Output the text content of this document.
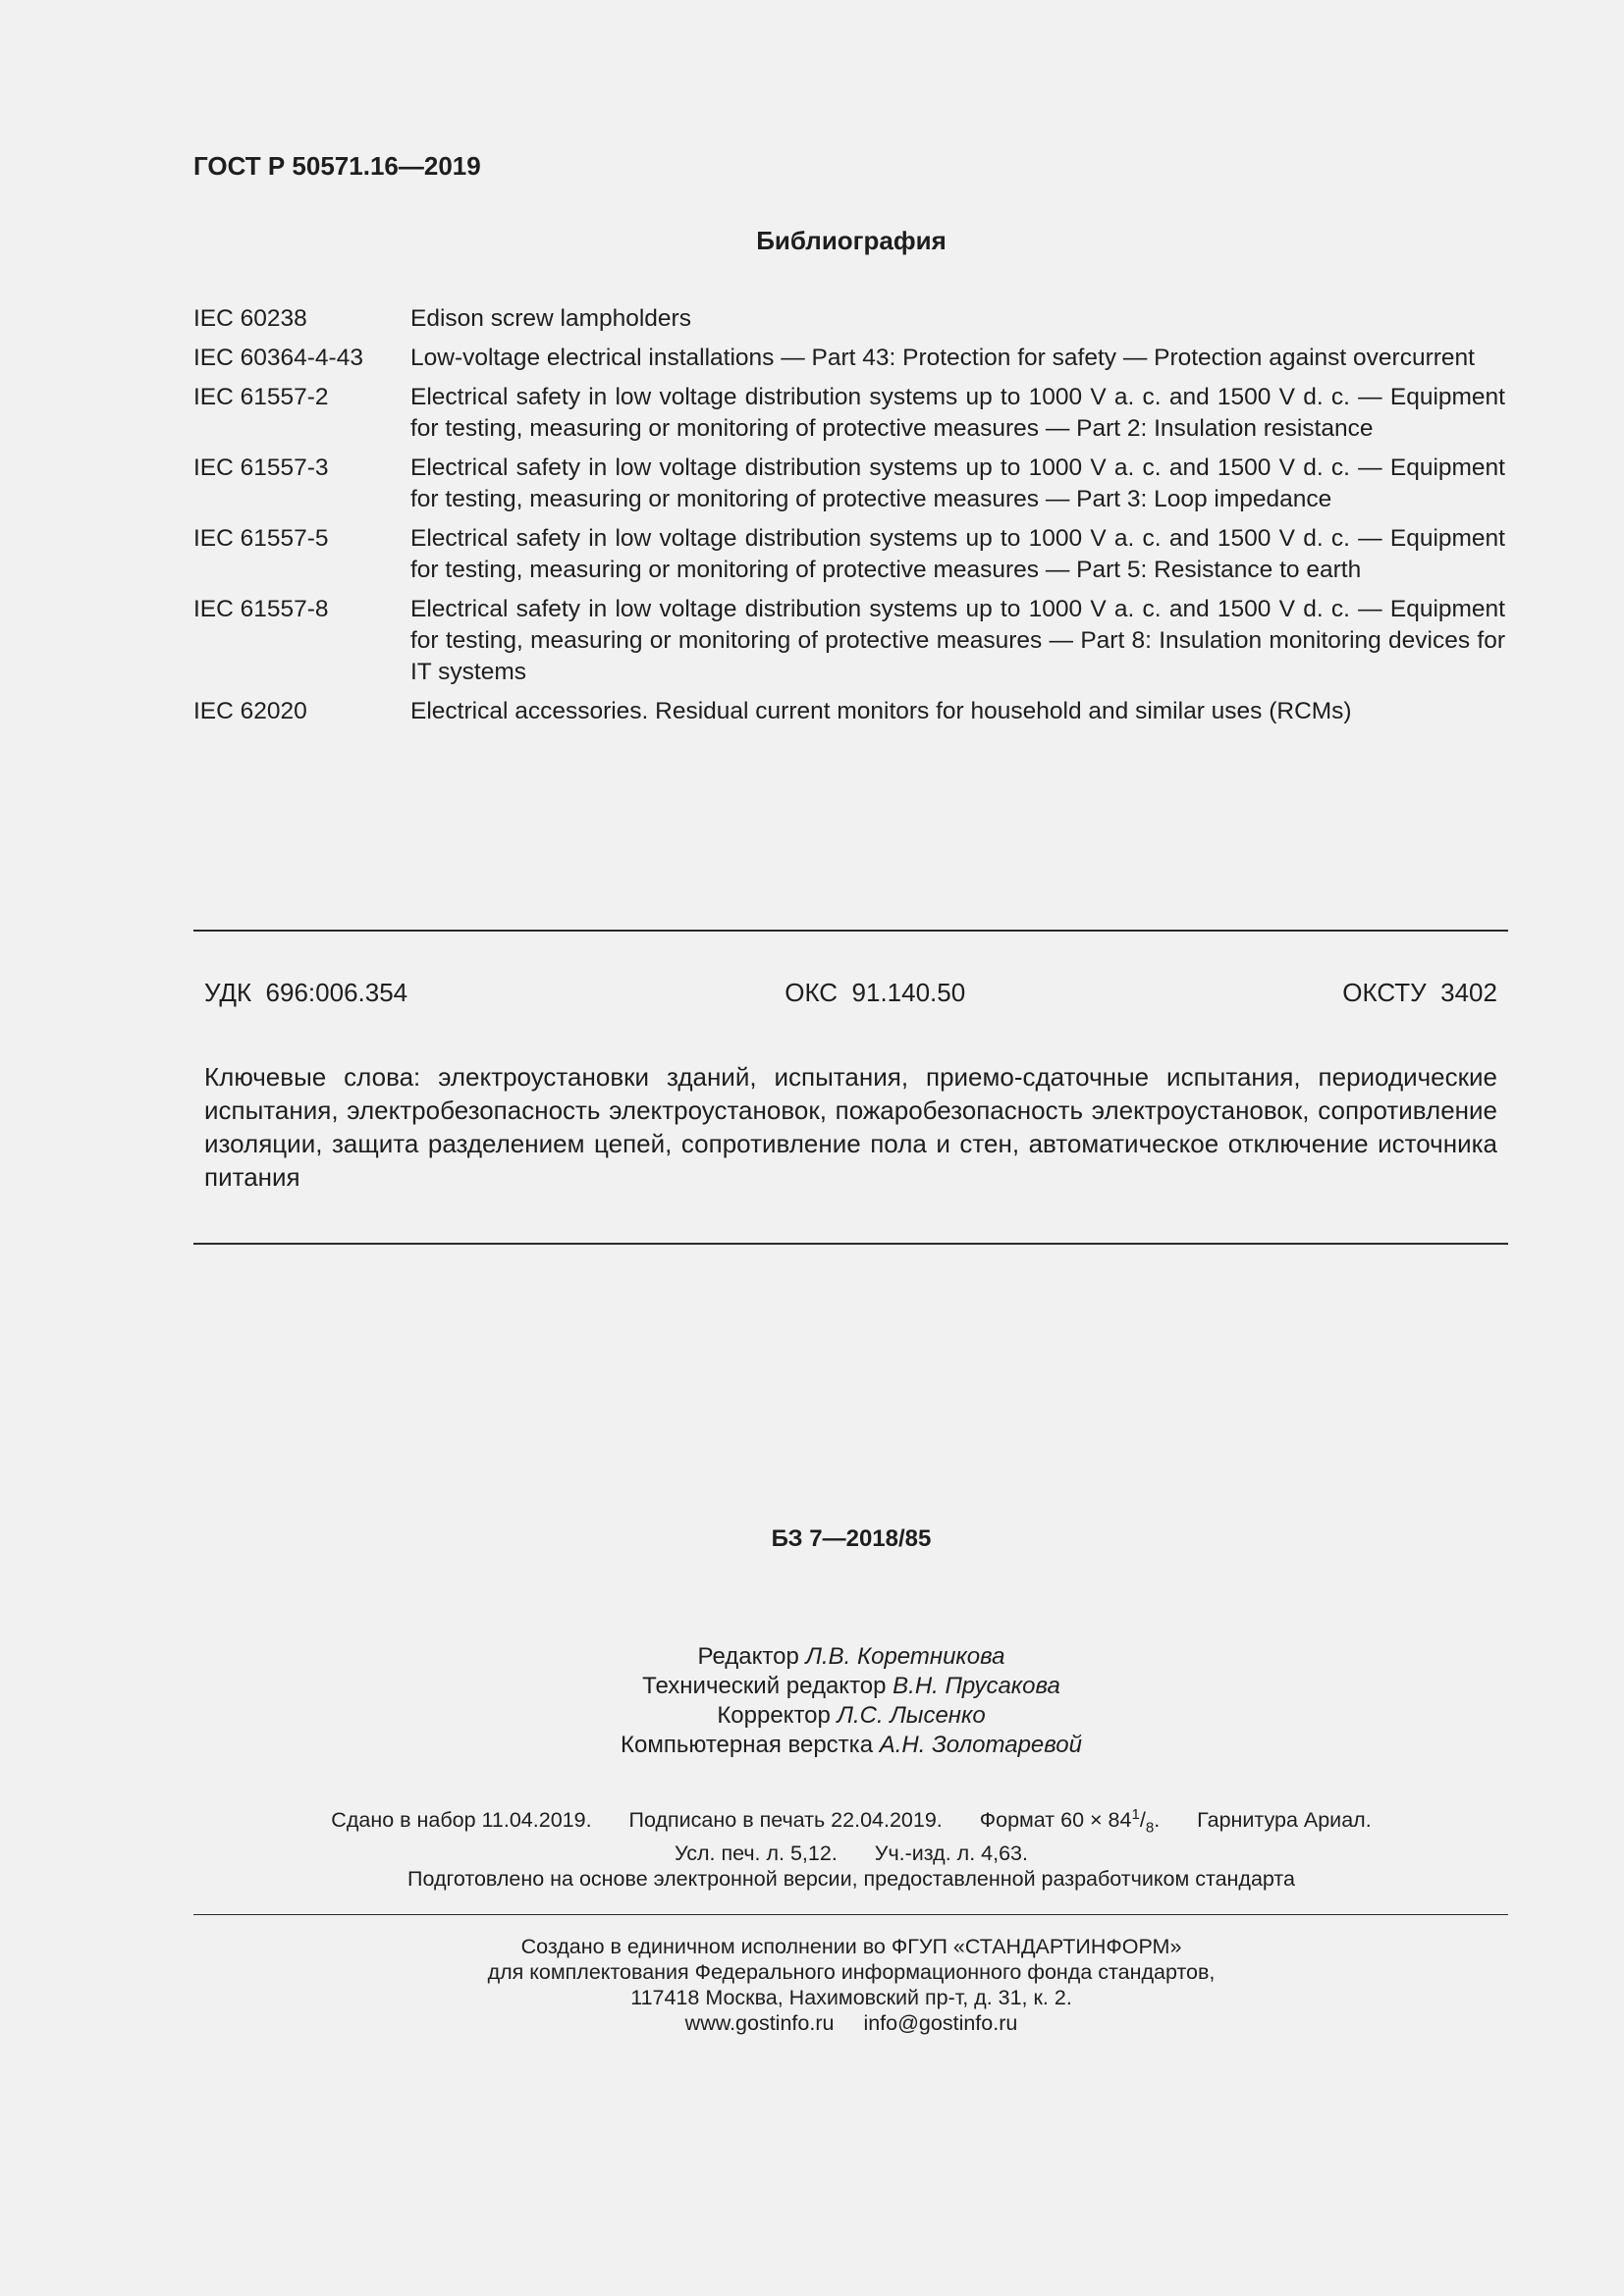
ГОСТ Р 50571.16—2019
Библиография
IEC 60238	Edison screw lampholders
IEC 60364-4-43	Low-voltage electrical installations — Part 43: Protection for safety — Protection against overcurrent
IEC 61557-2	Electrical safety in low voltage distribution systems up to 1000 V a. c. and 1500 V d. c. — Equipment for testing, measuring or monitoring of protective measures — Part 2: Insulation resistance
IEC 61557-3	Electrical safety in low voltage distribution systems up to 1000 V a. c. and 1500 V d. c. — Equipment for testing, measuring or monitoring of protective measures — Part 3: Loop impedance
IEC 61557-5	Electrical safety in low voltage distribution systems up to 1000 V a. c. and 1500 V d. c. — Equipment for testing, measuring or monitoring of protective measures — Part 5: Resistance to earth
IEC 61557-8	Electrical safety in low voltage distribution systems up to 1000 V a. c. and 1500 V d. c. — Equipment for testing, measuring or monitoring of protective measures — Part 8: Insulation monitoring devices for IT systems
IEC 62020	Electrical accessories. Residual current monitors for household and similar uses (RCMs)
УДК  696:006.354	ОКС  91.140.50	ОКСТУ  3402
Ключевые слова: электроустановки зданий, испытания, приемо-сдаточные испытания, периодические испытания, электробезопасность электроустановок, пожаробезопасность электроустановок, сопротивление изоляции, защита разделением цепей, сопротивление пола и стен, автоматическое отключение источника питания
БЗ 7—2018/85
Редактор Л.В. Коретникова
Технический редактор В.Н. Прусакова
Корректор Л.С. Лысенко
Компьютерная верстка А.Н. Золотаревой
Сдано в набор 11.04.2019. Подписано в печать 22.04.2019. Формат $60 \times 84^1/_8$. Гарнитура Ариал.
Усл. печ. л. 5,12. Уч.-изд. л. 4,63.
Подготовлено на основе электронной версии, предоставленной разработчиком стандарта
Создано в единичном исполнении во ФГУП «СТАНДАРТИНФОРМ»
для комплектования Федерального информационного фонда стандартов,
117418 Москва, Нахимовский пр-т, д. 31, к. 2.
www.gostinfo.ru info@gostinfo.ru
